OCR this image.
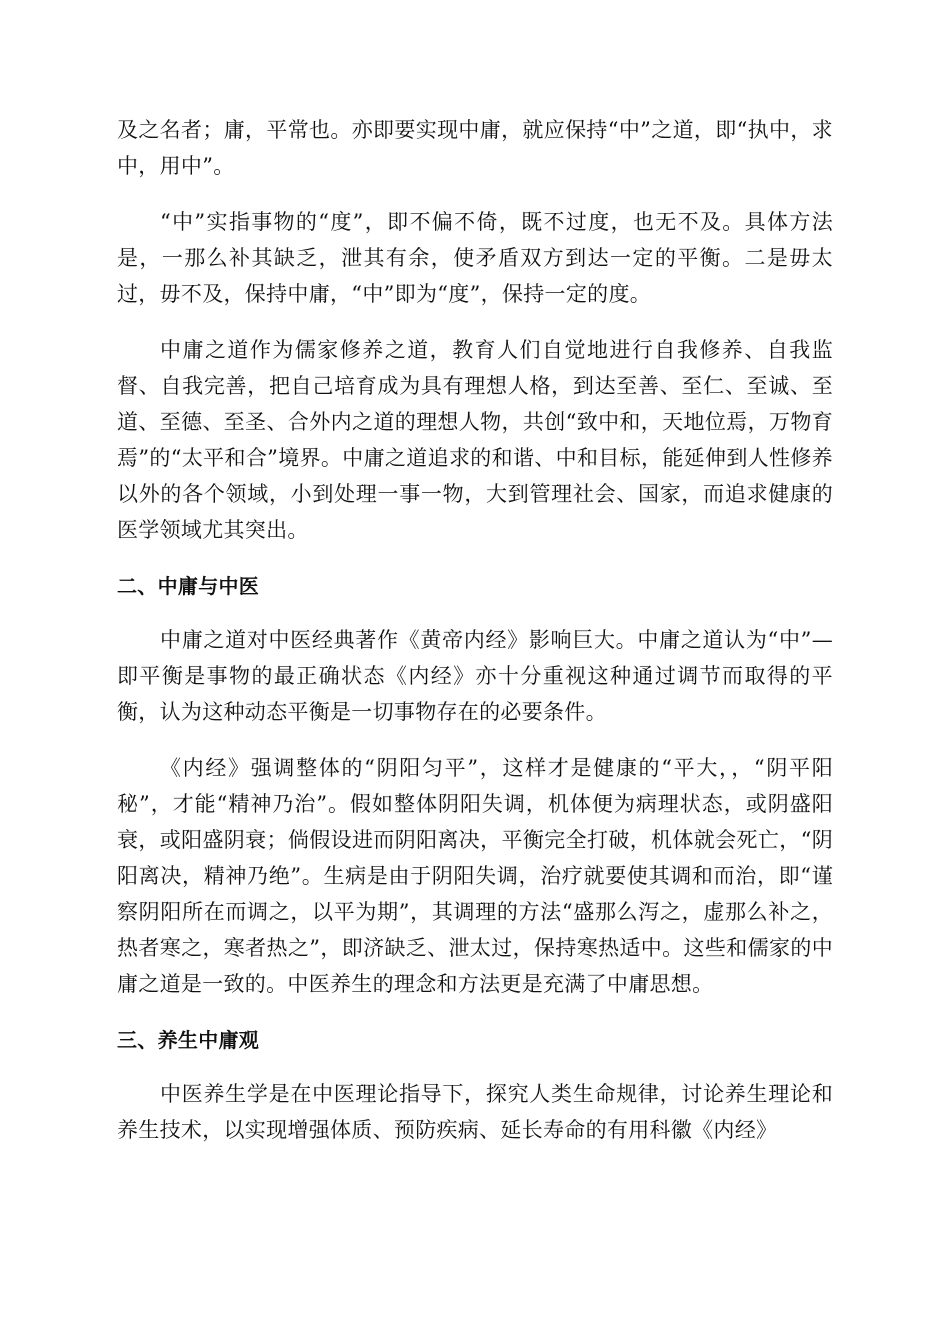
及之名者；庸，平常也。亦即要实现中庸，就应保持“中”之道，即“执中，求中，用中”。

“中”实指事物的“度”，即不偏不倚，既不过度，也无不及。具体方法是，一那么补其缺乏，泄其有余，使矛盾双方到达一定的平衡。二是毋太过，毋不及，保持中庸，“中”即为“度”，保持一定的度。

中庸之道作为儒家修养之道，教育人们自觉地进行自我修养、自我监督、自我完善，把自己培育成为具有理想人格，到达至善、至仁、至诚、至道、至德、至圣、合外内之道的理想人物，共创“致中和，天地位焉，万物育焉”的“太平和合”境界。中庸之道追求的和谐、中和目标，能延伸到人性修养以外的各个领域，小到处理一事一物，大到管理社会、国家，而追求健康的医学领域尤其突出。

二、中庸与中医

中庸之道对中医经典著作《黄帝内经》影响巨大。中庸之道认为“中”—即平衡是事物的最正确状态《内经》亦十分重视这种通过调节而取得的平衡，认为这种动态平衡是一切事物存在的必要条件。

《内经》强调整体的“阴阳匀平”，这样才是健康的“平大，，“阴平阳秘”，才能“精神乃治”。假如整体阴阳失调，机体便为病理状态，或阴盛阳衰，或阳盛阴衰；倘假设进而阴阳离决，平衡完全打破，机体就会死亡，“阴阳离决，精神乃绝”。生病是由于阴阳失调，治疗就要使其调和而治，即“谨察阴阳所在而调之，以平为期”，其调理的方法“盛那么泻之，虚那么补之，热者寒之，寒者热之”，即济缺乏、泄太过，保持寒热适中。这些和儒家的中庸之道是一致的。中医养生的理念和方法更是充满了中庸思想。

三、养生中庸观

中医养生学是在中医理论指导下，探究人类生命规律，讨论养生理论和养生技术，以实现增强体质、预防疾病、延长寿命的有用科徽《内经》
